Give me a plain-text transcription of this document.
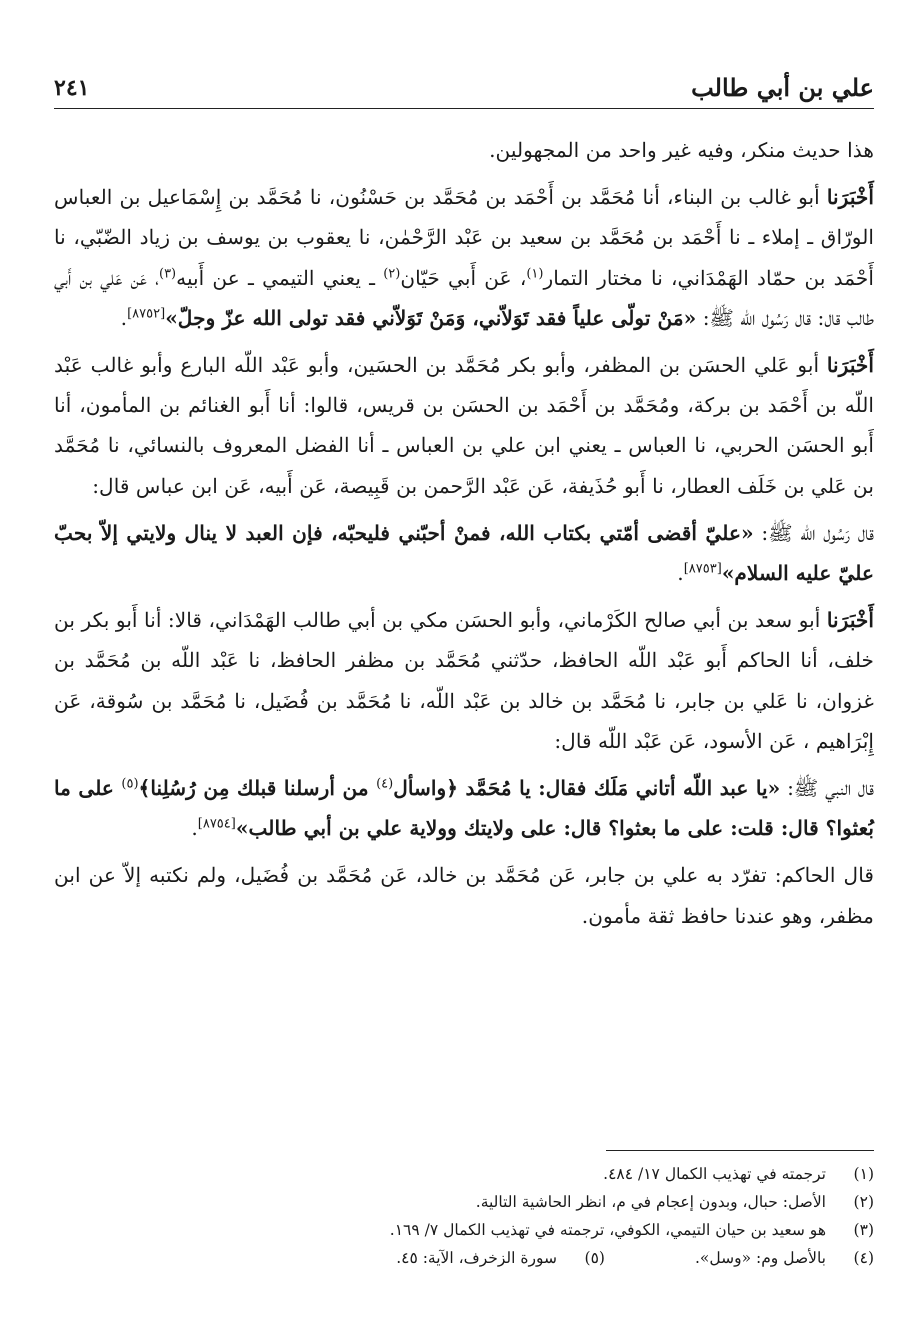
علي بن أبي طالب
٢٤١

هذا حديث منكر، وفيه غير واحد من المجهولين.

أَخْبَرَنا أبو غالب بن البناء، أنا مُحَمَّد بن أَحْمَد بن مُحَمَّد بن حَسْنُون، نا مُحَمَّد بن إِسْمَاعيل بن العباس الورّاق ـ إملاء ـ نا أَحْمَد بن مُحَمَّد بن سعيد بن عَبْد الرَّحْمٰن، نا يعقوب بن يوسف بن زياد الضّبّي، نا أَحْمَد بن حمّاد الهَمْدَاني، نا مختار التمار$^{(١)}$، عَن أَبي حَيّان$^{(٢)}$ ـ يعني التيمي ـ عن أَبيه$^{(٣)}$، عَن عَلي بن أَبي طالب قال: قال رَسُول الله ﷺ: «مَنْ تولّى علياً فقد تَوَلاّني، وَمَنْ تَوَلاّني فقد تولى الله عزّ وجلّ»[٨٧٥٢].

أَخْبَرَنا أبو عَلي الحسَن بن المظفر، وأبو بكر مُحَمَّد بن الحسَين، وأبو عَبْد اللّه البارع وأبو غالب عَبْد اللّه بن أَحْمَد بن بركة، ومُحَمَّد بن أَحْمَد بن الحسَن بن قريس، قالوا: أنا أَبو الغنائم بن المأمون، أنا أَبو الحسَن الحربي، نا العباس ـ يعني ابن علي بن العباس ـ أنا الفضل المعروف بالنسائي، نا مُحَمَّد بن عَلي بن خَلَف العطار، نا أَبو حُذَيفة، عَن عَبْد الرَّحمن بن قَبِيصة، عَن أَبيه، عَن ابن عباس قال:

قال رَسُول الله ﷺ: «عليّ أقضى أمّتي بكتاب الله، فمنْ أحبّني فليحبّه، فإن العبد لا ينال ولايتي إلاّ بحبّ عليّ عليه السلام»[٨٧٥٣].

أَخْبَرَنا أبو سعد بن أبي صالح الكَرْماني، وأبو الحسَن مكي بن أبي طالب الهَمْدَاني، قالا: أنا أَبو بكر بن خلف، أنا الحاكم أَبو عَبْد اللّه الحافظ، حدّثني مُحَمَّد بن مظفر الحافظ، نا عَبْد اللّه بن مُحَمَّد بن غزوان، نا عَلي بن جابر، نا مُحَمَّد بن خالد بن عَبْد اللّه، نا مُحَمَّد بن فُضَيل، نا مُحَمَّد بن سُوقة، عَن إِبْرَاهيم ، عَن الأسود، عَن عَبْد اللّه قال:

قال النبي ﷺ: «يا عبد اللّه أتاني مَلَك فقال: يا مُحَمَّد ﴿واسأل$^{(٤)}$ من أرسلنا قبلك مِن رُسُلِنا﴾$^{(٥)}$ على ما بُعثوا؟ قال: قلت: على ما بعثوا؟ قال: على ولايتك وولاية علي بن أبي طالب»[٨٧٥٤].

قال الحاكم: تفرّد به علي بن جابر، عَن مُحَمَّد بن خالد، عَن مُحَمَّد بن فُضَيل، ولم نكتبه إلاّ عن ابن مظفر، وهو عندنا حافظ ثقة مأمون.

(١)
ترجمته في تهذيب الكمال ١٧/ ٤٨٤.
(٢)
الأصل: حبال، وبدون إعجام في م، انظر الحاشية التالية.
(٣)
هو سعيد بن حيان التيمي، الكوفي، ترجمته في تهذيب الكمال ٧/ ١٦٩.
(٤)
بالأصل وم: «وسل».
(٥)
سورة الزخرف، الآية: ٤٥.
